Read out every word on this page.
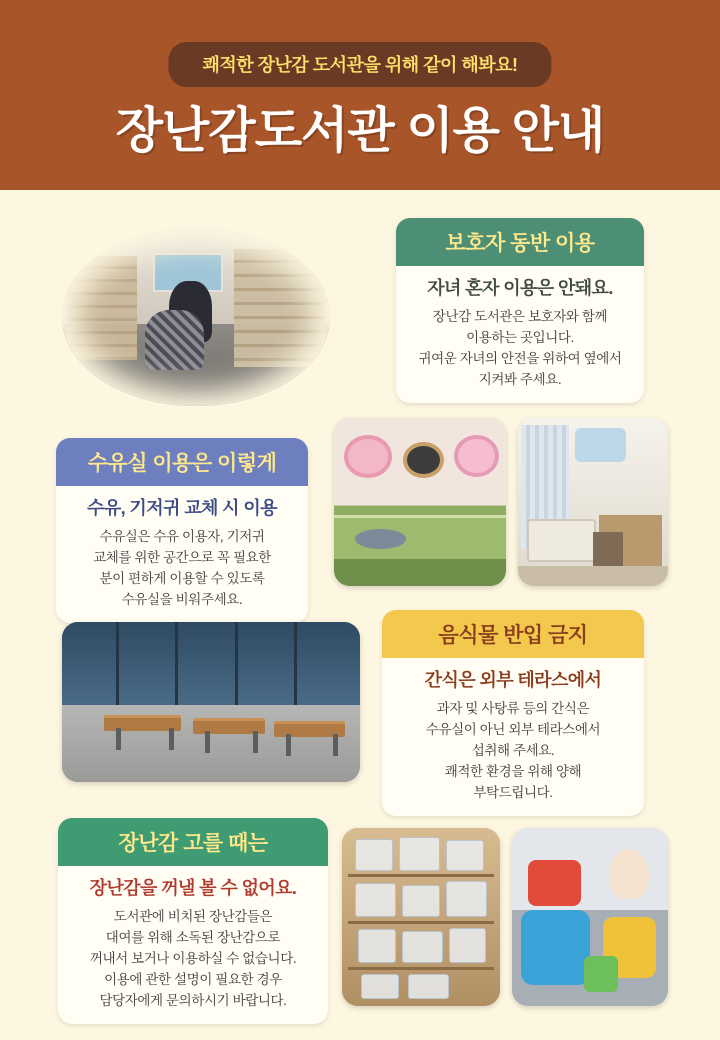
쾌적한 장난감 도서관을 위해 같이 해봐요!
장난감도서관 이용 안내
보호자 동반 이용
자녀 혼자 이용은 안돼요.
장난감 도서관은 보호자와 함께
이용하는 곳입니다.
귀여운 자녀의 안전을 위하여 옆에서
지켜봐 주세요.
수유실 이용은 이렇게
수유, 기저귀 교체 시 이용
수유실은 수유 이용자, 기저귀
교체를 위한 공간으로 꼭 필요한
분이 편하게 이용할 수 있도록
수유실을 비워주세요.
음식물 반입 금지
간식은 외부 테라스에서
과자 및 사탕류 등의 간식은
수유실이 아닌 외부 테라스에서
섭취해 주세요.
쾌적한 환경을 위해 양해
부탁드립니다.
장난감 고를 때는
장난감을 꺼낼 볼 수 없어요.
도서관에 비치된 장난감들은
대여를 위해 소독된 장난감으로
꺼내서 보거나 이용하실 수 없습니다.
이용에 관한 설명이 필요한 경우
담당자에게 문의하시기 바랍니다.
